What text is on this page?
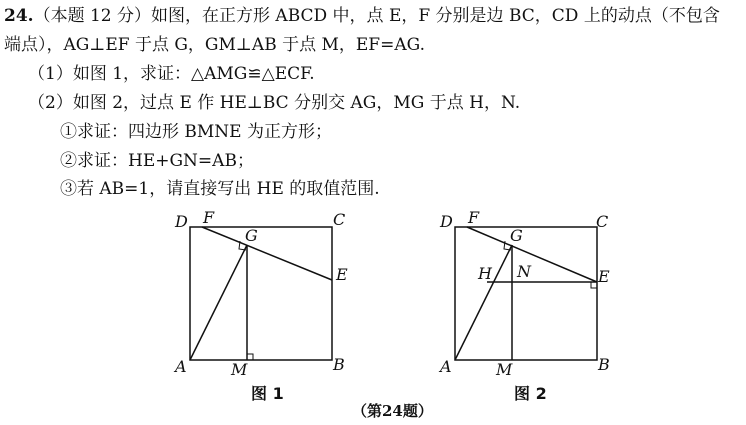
24.（本题 12 分）如图，在正方形 ABCD 中，点 E，F 分别是边 BC，CD 上的动点（不包含
端点），AG⊥EF 于点 G，GM⊥AB 于点 M，EF=AG.
（1）如图 1，求证：△AMG≌△ECF.
（2）如图 2，过点 E 作 HE⊥BC 分别交 AG，MG 于点 H，N.
①求证：四边形 BMNE 为正方形；
②求证：HE+GN=AB；
③若 AB=1，请直接写出 HE 的取值范围.
D F
G
C
E
A	M	B
图 1
D F
G
C
H N	E
A	M	B
图 2
（第24题）
